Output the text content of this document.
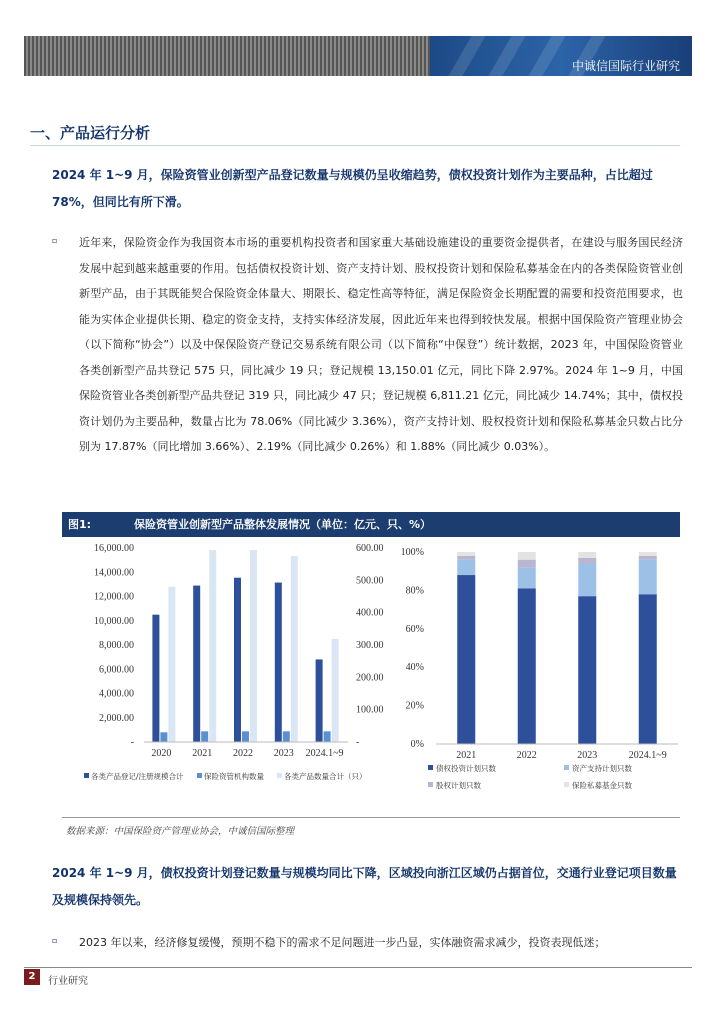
中诚信国际行业研究
一、产品运行分析
2024 年 1~9 月，保险资管业创新型产品登记数量与规模仍呈收缩趋势，债权投资计划作为主要品种，占比超过 78%，但同比有所下滑。
▫ 近年来，保险资金作为我国资本市场的重要机构投资者和国家重大基础设施建设的重要资金提供者，在建设与服务国民经济发展中起到越来越重要的作用。包括债权投资计划、资产支持计划、股权投资计划和保险私募基金在内的各类保险资管业创新型产品，由于其既能契合保险资金体量大、期限长、稳定性高等特征，满足保险资金长期配置的需要和投资范围要求，也能为实体企业提供长期、稳定的资金支持，支持实体经济发展，因此近年来也得到较快发展。根据中国保险资产管理业协会（以下简称“协会”）以及中保保险资产登记交易系统有限公司（以下简称“中保登”）统计数据，2023 年，中国保险资管业各类创新型产品共登记 575 只，同比减少 19 只；登记规模 13,150.01 亿元，同比下降 2.97%。2024 年 1~9 月，中国保险资管业各类创新型产品共登记 319 只，同比减少 47 只；登记规模 6,811.21 亿元，同比减少 14.74%；其中，债权投资计划仍为主要品种，数量占比为 78.06%（同比减少 3.36%），资产支持计划、股权投资计划和保险私募基金只数占比分别为 17.87%（同比增加 3.66%）、2.19%（同比减少 0.26%）和 1.88%（同比减少 0.03%）。
图1:	保险资管业创新型产品整体发展情况（单位：亿元、只、%）
16,000.00
14,000.00
12,000.00
10,000.00
8,000.00
6,000.00
4,000.00
2,000.00
-
600.00
500.00
400.00
300.00
200.00
100.00
-
2020 2021 2022 2023 2024.1~9
各类产品登记/注册规模合计	保险资管机构数量	各类产品数量合计（只）
100%
80%
60%
40%
20%
0%
2021	2022	2023	2024.1~9
债权投资计划只数	资产支持计划只数
股权计划只数	保险私募基金只数
数据来源：中国保险资产管理业协会，中诚信国际整理
2024 年 1~9 月，债权投资计划登记数量与规模均同比下降，区域投向浙江区域仍占据首位，交通行业登记项目数量及规模保持领先。
▫ 2023 年以来，经济修复缓慢，预期不稳下的需求不足问题进一步凸显，实体融资需求减少，投资表现低迷；
2	行业研究
